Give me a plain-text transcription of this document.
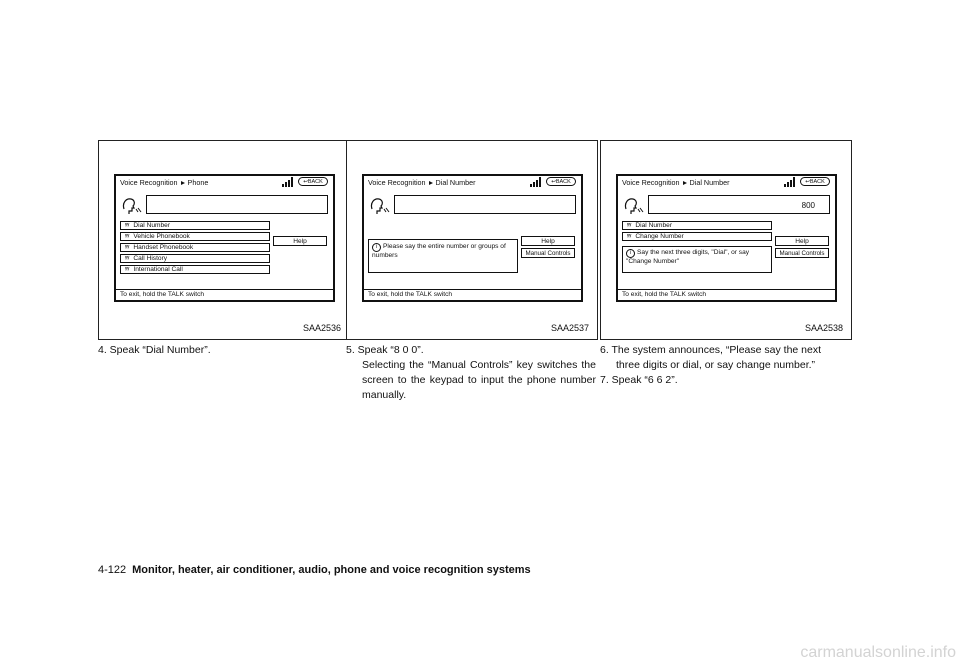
Voice Recognition Phone	↩BACK
ᵞᵞ Dial Number
ᵞᵞ Vehicle Phonebook
ᵞᵞ Handset Phonebook
ᵞᵞ Call History
ᵞᵞ International Call
Help
To exit, hold the TALK switch
SAA2536
Voice Recognition Dial Number	↩BACK
i Please say the entire number or groups of numbers
Help
Manual Controls
To exit, hold the TALK switch
SAA2537
Voice Recognition Dial Number	↩BACK
800
ᵞᵞ Dial Number
ᵞᵞ Change Number
i Say the next three digits, "Dial", or say "Change Number"
Help
Manual Controls
To exit, hold the TALK switch
SAA2538

4. Speak “Dial Number”.	5. Speak “8 0 0”.

Selecting the “Manual Controls” key switches the screen to the keypad to input the phone number manually.

6. The system announces, “Please say the next

three digits or dial, or say change number.”

7. Speak “6 6 2”.

4-122 Monitor, heater, air conditioner, audio, phone and voice recognition systems
carmanualsonline.info
